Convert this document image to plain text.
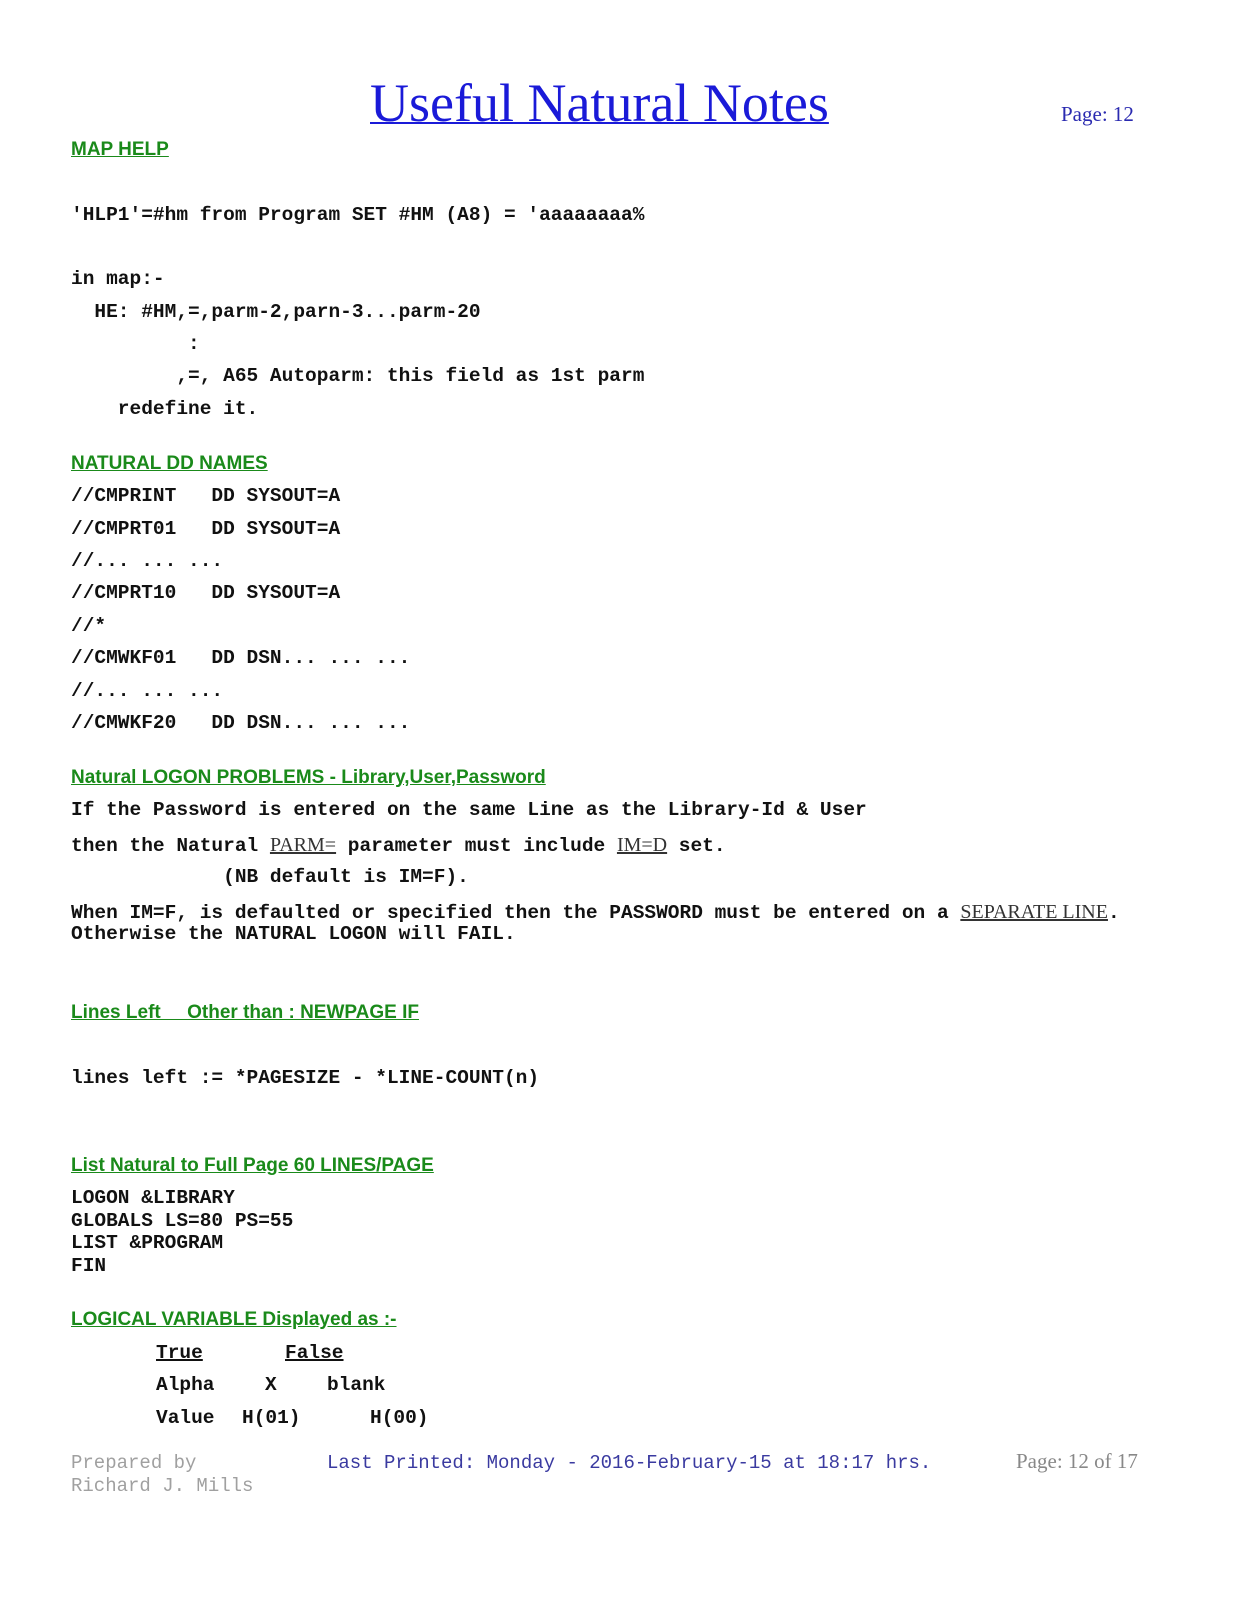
Useful Natural Notes	Page: 12
MAP HELP
'HLP1'=#hm from Program SET #HM (A8) = 'aaaaaaaa%
in map:-
HE: #HM,=,parm-2,parn-3...parm-20
:
,=, A65 Autoparm: this field as 1st parm
redefine it.
NATURAL DD NAMES
//CMPRINT   DD SYSOUT=A
//CMPRT01   DD SYSOUT=A
//... ... ...
//CMPRT10   DD SYSOUT=A
//*
//CMWKF01   DD DSN... ... ...
//... ... ...
//CMWKF20   DD DSN... ... ...
Natural LOGON PROBLEMS - Library,User,Password
If the Password is entered on the same Line as the Library-Id & User
then the Natural PARM= parameter must include IM=D set.
(NB default is IM=F).
When IM=F, is defaulted or specified then the PASSWORD must be entered on a SEPARATE LINE.
Otherwise the NATURAL LOGON will FAIL.
Lines Left     Other than : NEWPAGE IF
lines left := *PAGESIZE - *LINE-COUNT(n)
List Natural to Full Page 60 LINES/PAGE
LOGON &LIBRARY
GLOBALS LS=80 PS=55
LIST &PROGRAM
FIN
LOGICAL VARIABLE Displayed as :-
True	False
Alpha	X	blank
Value H(01)	H(00)
Prepared by
Richard J. Mills
Last Printed: Monday - 2016-February-15 at 18:17 hrs.	Page: 12 of 17
